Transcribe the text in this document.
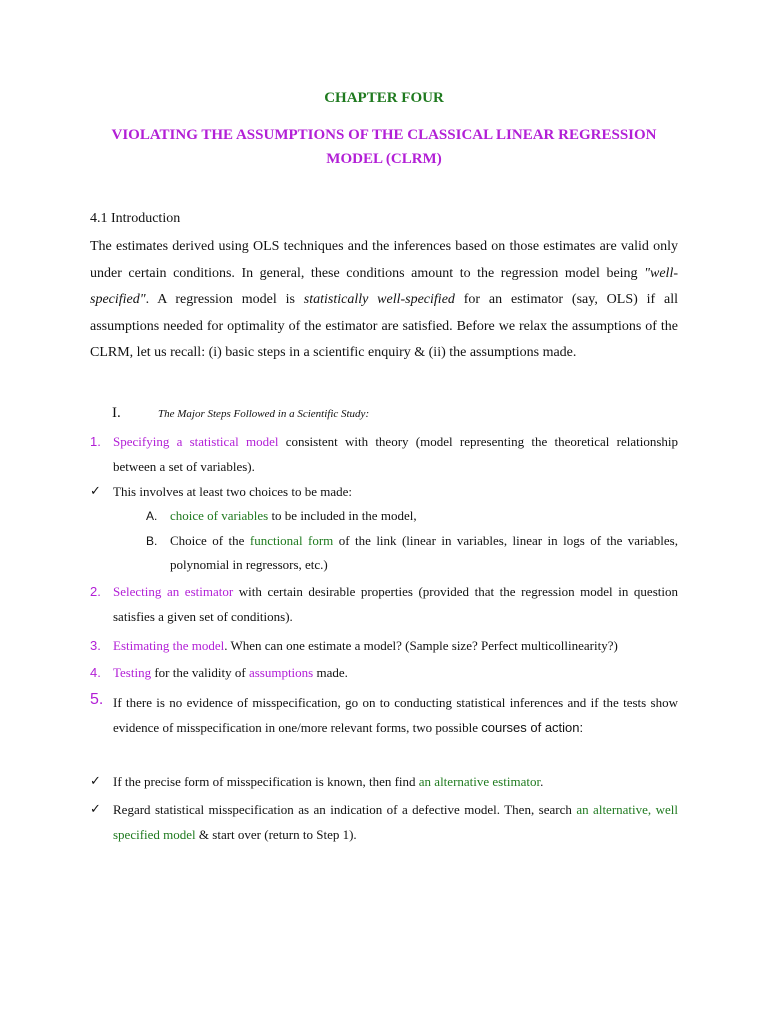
CHAPTER FOUR
VIOLATING THE ASSUMPTIONS OF THE CLASSICAL LINEAR REGRESSION MODEL (CLRM)
4.1 Introduction
The estimates derived using OLS techniques and the inferences based on those estimates are valid only under certain conditions. In general, these conditions amount to the regression model being "well-specified". A regression model is statistically well-specified for an estimator (say, OLS) if all assumptions needed for optimality of the estimator are satisfied. Before we relax the assumptions of the CLRM, let us recall: (i) basic steps in a scientific enquiry & (ii) the assumptions made.
I.	The Major Steps Followed in a Scientific Study:
1. Specifying a statistical model consistent with theory (model representing the theoretical relationship between a set of variables).
✓ This involves at least two choices to be made:
A. choice of variables to be included in the model,
B. Choice of the functional form of the link (linear in variables, linear in logs of the variables, polynomial in regressors, etc.)
2. Selecting an estimator with certain desirable properties (provided that the regression model in question satisfies a given set of conditions).
3. Estimating the model. When can one estimate a model? (Sample size? Perfect multicollinearity?)
4. Testing for the validity of assumptions made.
5. If there is no evidence of misspecification, go on to conducting statistical inferences and if the tests show evidence of misspecification in one/more relevant forms, two possible courses of action:
✓ If the precise form of misspecification is known, then find an alternative estimator.
✓ Regard statistical misspecification as an indication of a defective model. Then, search an alternative, well specified model & start over (return to Step 1).
